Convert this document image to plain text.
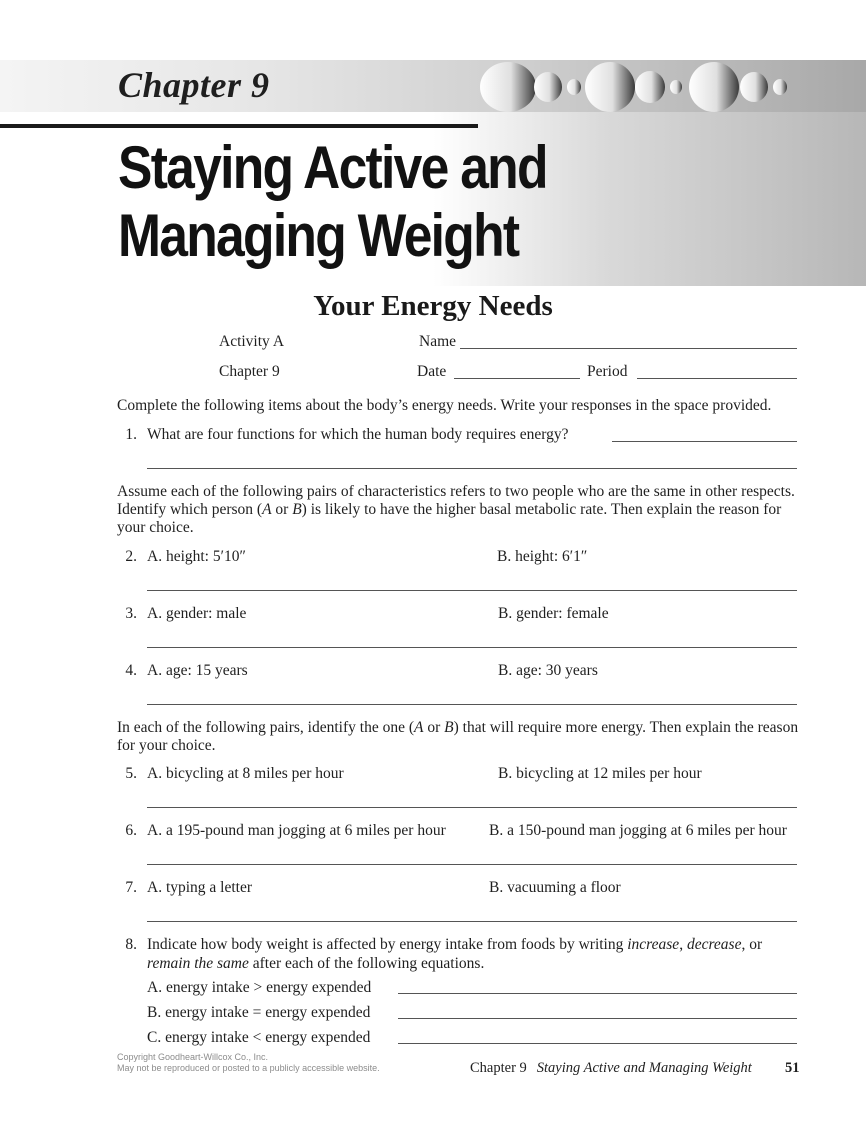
Chapter 9
Staying Active and
Managing Weight
Your Energy Needs
Activity A	Name
Chapter 9	Date	Period
Complete the following items about the body’s energy needs. Write your responses in the space provided.
1. What are four functions for which the human body requires energy?
Assume each of the following pairs of characteristics refers to two people who are the same in other respects. Identify which person (A or B) is likely to have the higher basal metabolic rate. Then explain the reason for your choice.
2. A. height: 5′10″	B. height: 6′1″
3. A. gender: male	B. gender: female
4. A. age: 15 years	B. age: 30 years
In each of the following pairs, identify the one (A or B) that will require more energy. Then explain the reason for your choice.
5. A. bicycling at 8 miles per hour	B. bicycling at 12 miles per hour
6. A. a 195-pound man jogging at 6 miles per hour	B. a 150-pound man jogging at 6 miles per hour
7. A. typing a letter	B. vacuuming a floor
8. Indicate how body weight is affected by energy intake from foods by writing increase, decrease, or
remain the same after each of the following equations.
A. energy intake > energy expended
B. energy intake = energy expended
C. energy intake < energy expended
Copyright Goodheart-Willcox Co., Inc.
May not be reproduced or posted to a publicly accessible website.	Chapter 9 Staying Active and Managing Weight 51
